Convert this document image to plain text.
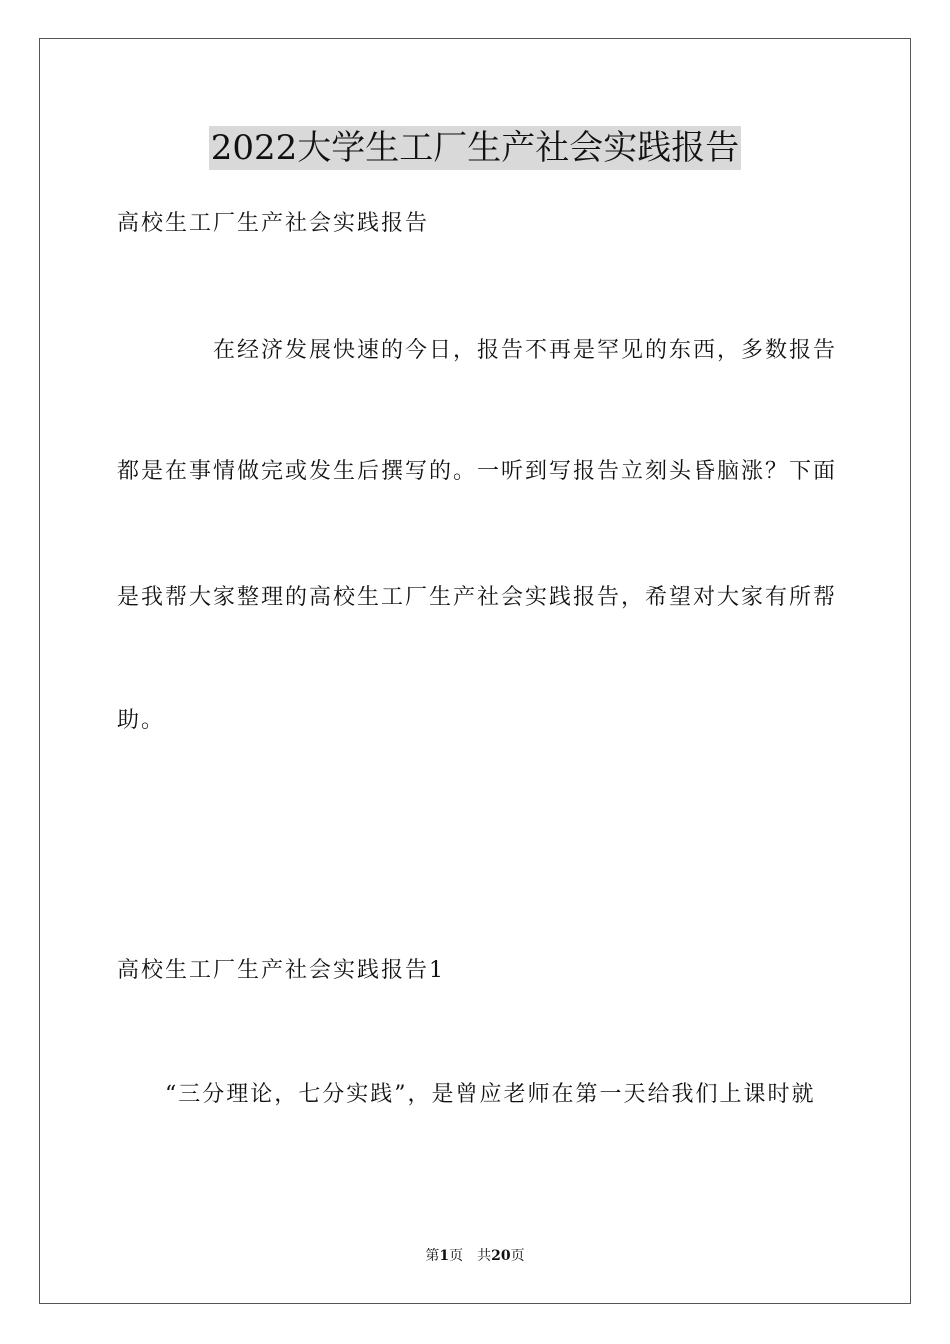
2022大学生工厂生产社会实践报告
高校生工厂生产社会实践报告
在经济发展快速的今日，报告不再是罕见的东西，多数报告
都是在事情做完或发生后撰写的。一听到写报告立刻头昏脑涨？下面
是我帮大家整理的高校生工厂生产社会实践报告，希望对大家有所帮
助。
高校生工厂生产社会实践报告1
“三分理论，七分实践”，是曾应老师在第一天给我们上课时就
第1页 共20页
